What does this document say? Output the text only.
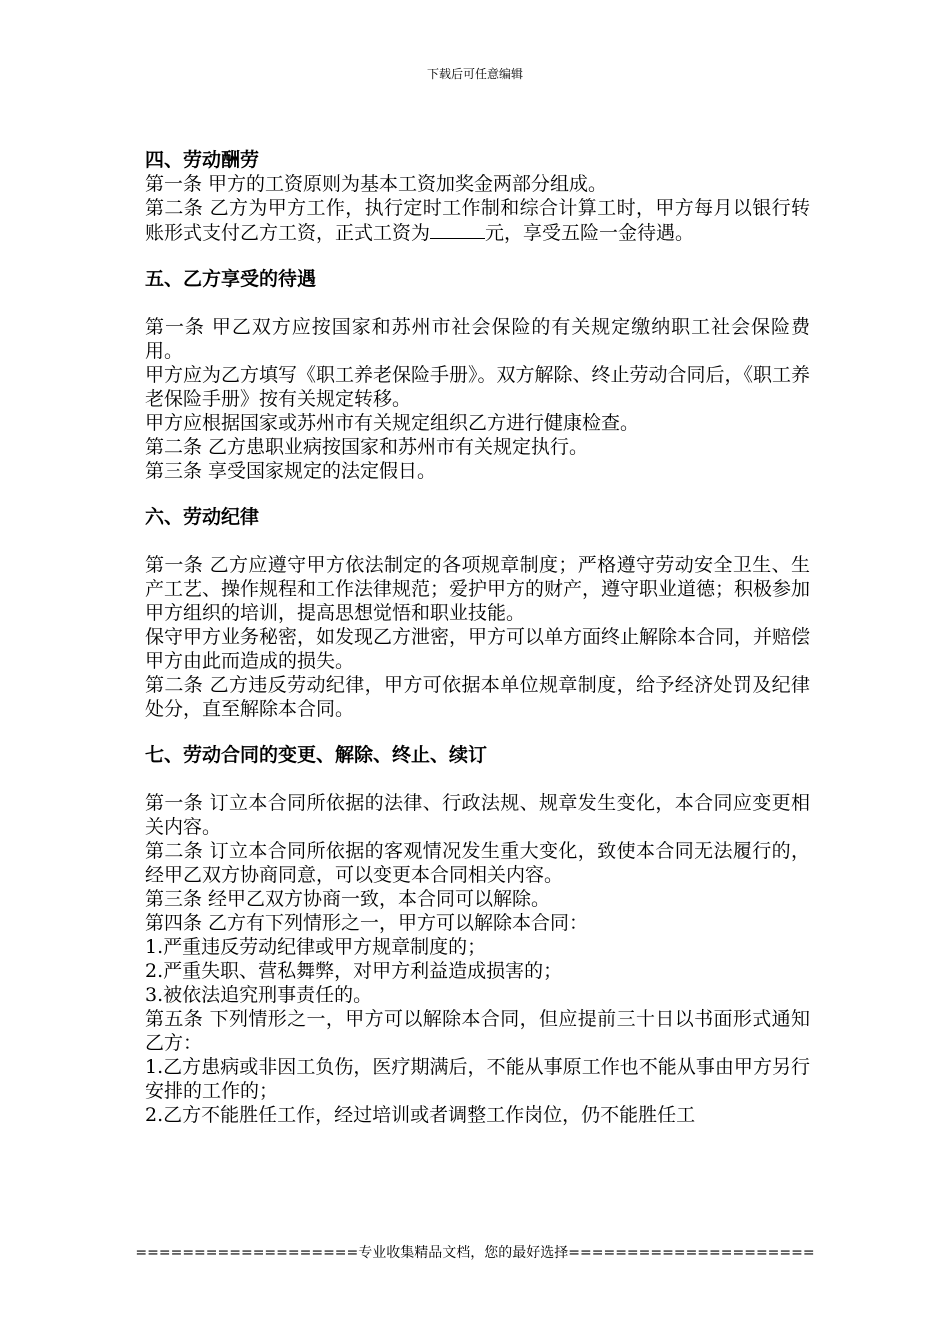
下载后可任意编辑
四、劳动酬劳

第一条 甲方的工资原则为基本工资加奖金两部分组成。

第二条 乙方为甲方工作，执行定时工作制和综合计算工时，甲方每月以银行转账形式支付乙方工资，正式工资为	元，享受五险一金待遇。

五、乙方享受的待遇

第一条 甲乙双方应按国家和苏州市社会保险的有关规定缴纳职工社会保险费用。

甲方应为乙方填写《职工养老保险手册》。双方解除、终止劳动合同后，《职工养老保险手册》按有关规定转移。

甲方应根据国家或苏州市有关规定组织乙方进行健康检查。

第二条 乙方患职业病按国家和苏州市有关规定执行。

第三条 享受国家规定的法定假日。

六、劳动纪律

第一条 乙方应遵守甲方依法制定的各项规章制度；严格遵守劳动安全卫生、生产工艺、操作规程和工作法律规范；爱护甲方的财产，遵守职业道德；积极参加甲方组织的培训，提高思想觉悟和职业技能。

保守甲方业务秘密，如发现乙方泄密，甲方可以单方面终止解除本合同，并赔偿甲方由此而造成的损失。

第二条 乙方违反劳动纪律，甲方可依据本单位规章制度，给予经济处罚及纪律处分，直至解除本合同。

七、劳动合同的变更、解除、终止、续订

第一条 订立本合同所依据的法律、行政法规、规章发生变化，本合同应变更相关内容。

第二条 订立本合同所依据的客观情况发生重大变化，致使本合同无法履行的，经甲乙双方协商同意，可以变更本合同相关内容。

第三条 经甲乙双方协商一致，本合同可以解除。

第四条 乙方有下列情形之一，甲方可以解除本合同：

1.严重违反劳动纪律或甲方规章制度的；

2.严重失职、营私舞弊，对甲方利益造成损害的；

3.被依法追究刑事责任的。

第五条 下列情形之一，甲方可以解除本合同，但应提前三十日以书面形式通知乙方：

1.乙方患病或非因工负伤，医疗期满后，不能从事原工作也不能从事由甲方另行安排的工作的；

2.乙方不能胜任工作，经过培训或者调整工作岗位，仍不能胜任工

===================专业收集精品文档，您的最好选择=====================
